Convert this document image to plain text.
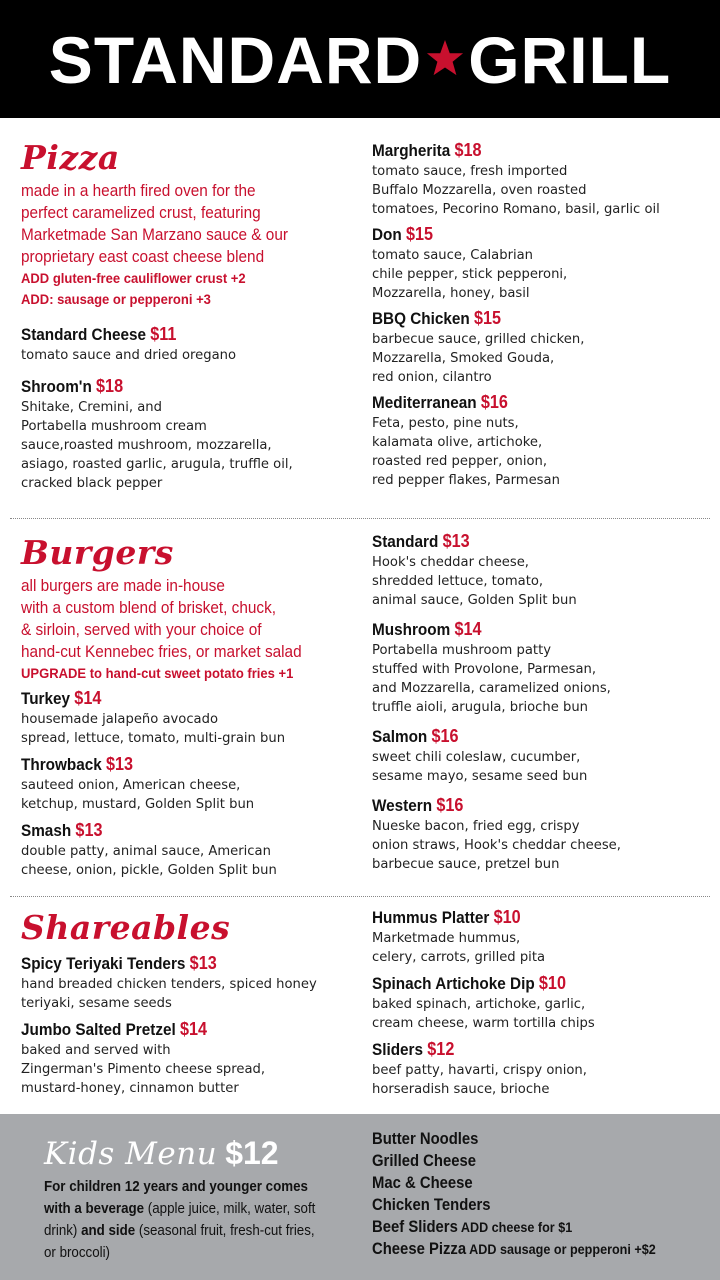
STANDARD GRILL
Pizza
made in a hearth fired oven for the
perfect caramelized crust, featuring
Marketmade San Marzano sauce & our
proprietary east coast cheese blend
ADD gluten-free cauliflower crust +2
ADD: sausage or pepperoni +3
Standard Cheese $11
tomato sauce and dried oregano
Shroom'n $18
Shitake, Cremini, and
Portabella mushroom cream
sauce,roasted mushroom, mozzarella,
asiago, roasted garlic, arugula, truffle oil,
cracked black pepper
Margherita $18
tomato sauce, fresh imported
Buffalo Mozzarella, oven roasted
tomatoes, Pecorino Romano, basil, garlic oil
Don $15
tomato sauce, Calabrian
chile pepper, stick pepperoni,
Mozzarella, honey, basil
BBQ Chicken $15
barbecue sauce, grilled chicken,
Mozzarella, Smoked Gouda,
red onion, cilantro
Mediterranean $16
Feta, pesto, pine nuts,
kalamata olive, artichoke,
roasted red pepper, onion,
red pepper flakes, Parmesan
Burgers
all burgers are made in-house
with a custom blend of brisket, chuck,
& sirloin, served with your choice of
hand-cut Kennebec fries, or market salad
UPGRADE to hand-cut sweet potato fries +1
Turkey $14
housemade jalapeño avocado
spread, lettuce, tomato, multi-grain bun
Throwback $13
sauteed onion, American cheese,
ketchup, mustard, Golden Split bun
Smash $13
double patty, animal sauce, American
cheese, onion, pickle, Golden Split bun
Standard $13
Hook's cheddar cheese,
shredded lettuce, tomato,
animal sauce, Golden Split bun
Mushroom $14
Portabella mushroom patty
stuffed with Provolone, Parmesan,
and Mozzarella, caramelized onions,
truffle aioli, arugula, brioche bun
Salmon $16
sweet chili coleslaw, cucumber,
sesame mayo, sesame seed bun
Western $16
Nueske bacon, fried egg, crispy
onion straws, Hook's cheddar cheese,
barbecue sauce, pretzel bun
Shareables
Spicy Teriyaki Tenders $13
hand breaded chicken tenders, spiced honey
teriyaki, sesame seeds
Jumbo Salted Pretzel $14
baked and served with
Zingerman's Pimento cheese spread,
mustard-honey, cinnamon butter
Hummus Platter $10
Marketmade hummus,
celery, carrots, grilled pita
Spinach Artichoke Dip $10
baked spinach, artichoke, garlic,
cream cheese, warm tortilla chips
Sliders $12
beef patty, havarti, crispy onion,
horseradish sauce, brioche
Kids Menu $12
For children 12 years and younger comes with a beverage (apple juice, milk, water, soft drink) and side (seasonal fruit, fresh-cut fries, or broccoli)
Butter Noodles
Grilled Cheese
Mac & Cheese
Chicken Tenders
Beef Sliders ADD cheese for $1
Cheese Pizza ADD sausage or pepperoni +$2
